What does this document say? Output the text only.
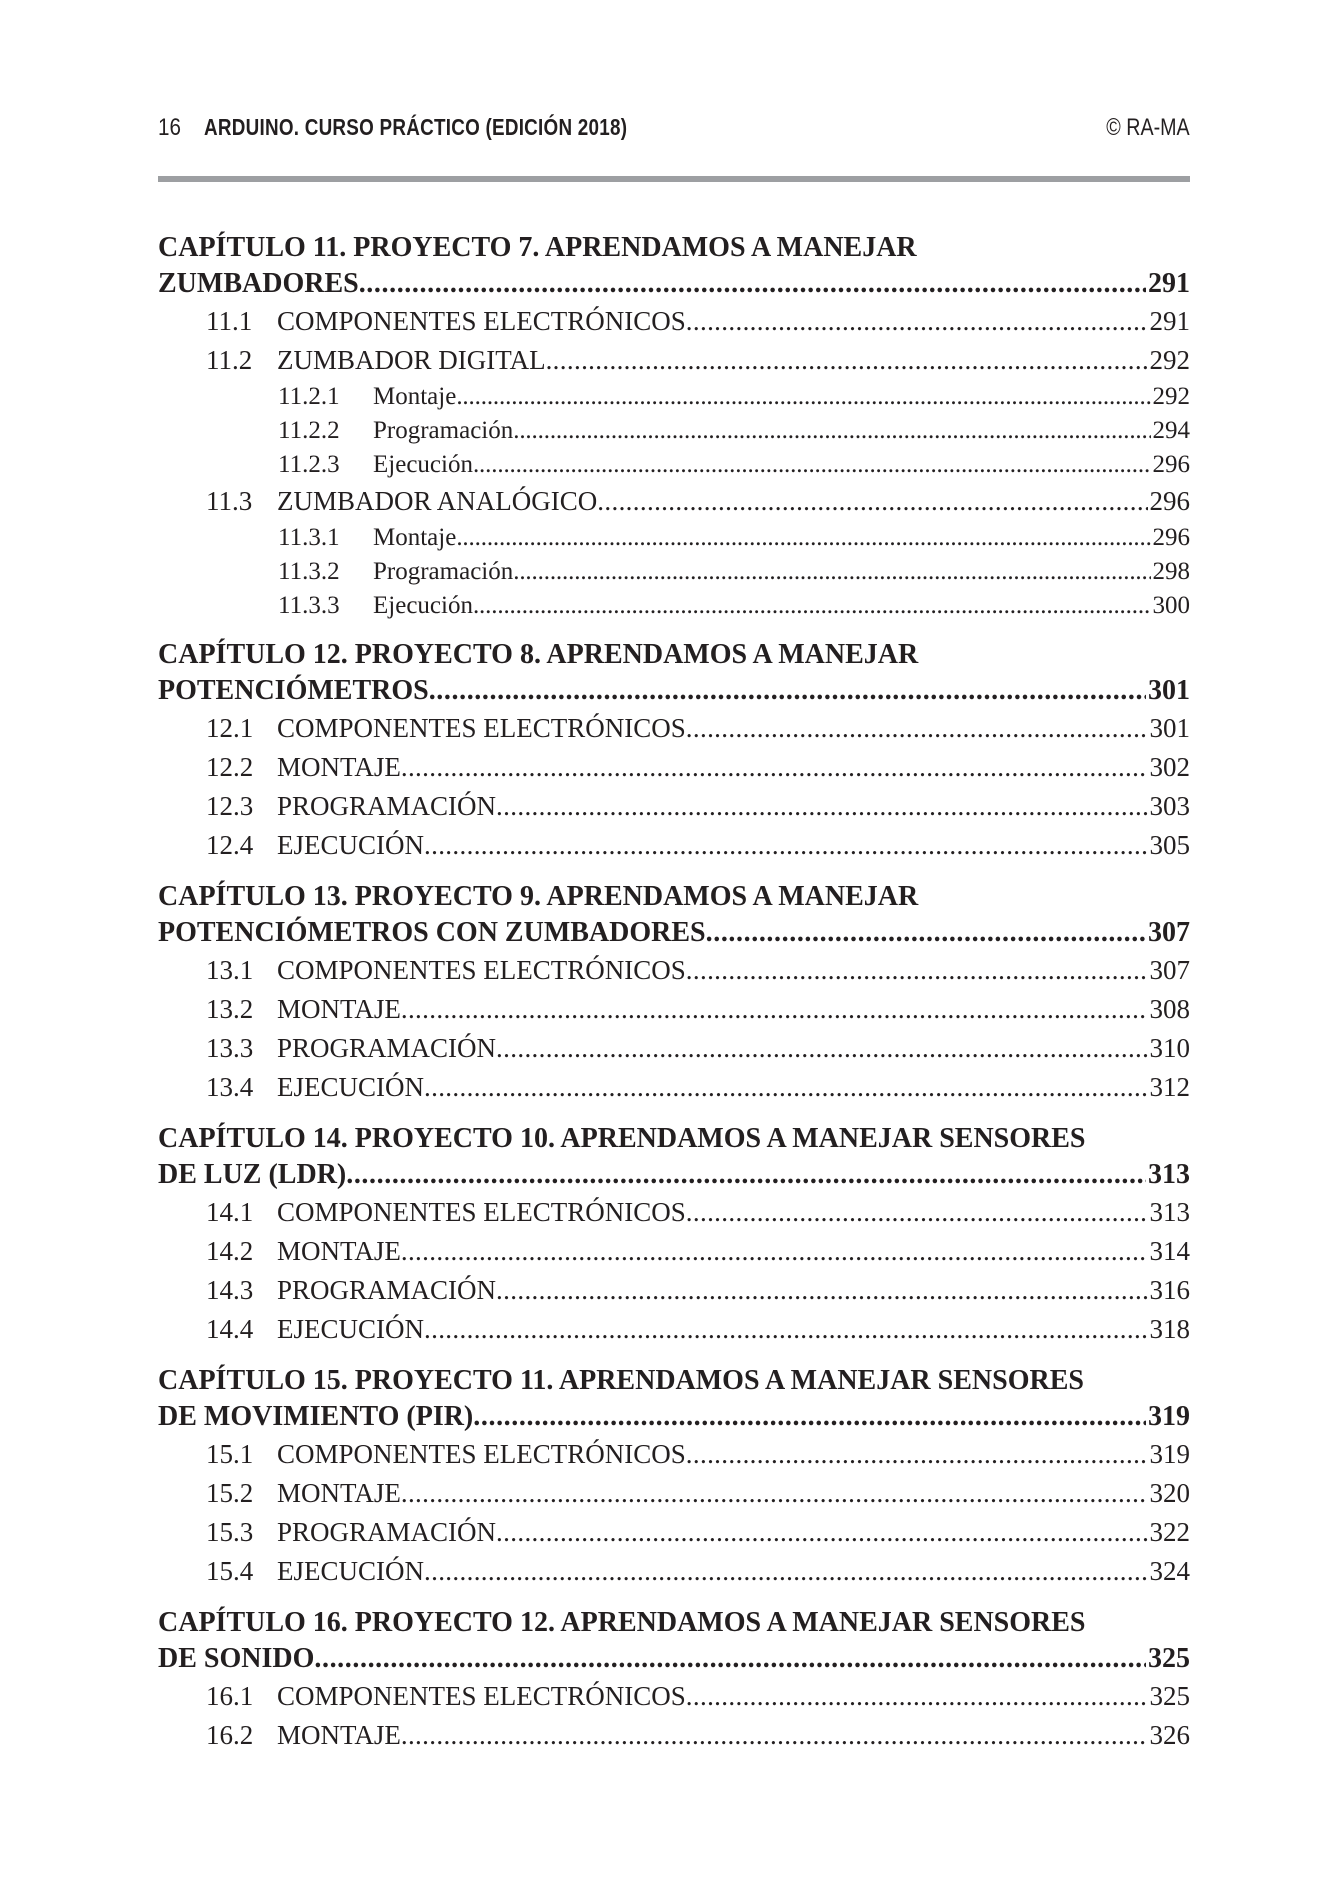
16 ARDUINO. CURSO PRÁCTICO (EDICIÓN 2018)	© RA-MA
CAPÍTULO 11. PROYECTO 7. APRENDAMOS A MANEJAR
ZUMBADORES . . .	291
11.1 COMPONENTES ELECTRÓNICOS . . .	291
11.2 ZUMBADOR DIGITAL . . .	292
11.2.1 Montaje . . .	292
11.2.2 Programación . . .	294
11.2.3 Ejecución . . .	296
11.3 ZUMBADOR ANALÓGICO . . .	296
11.3.1 Montaje . . .	296
11.3.2 Programación . . .	298
11.3.3 Ejecución . . .	300
CAPÍTULO 12. PROYECTO 8. APRENDAMOS A MANEJAR
POTENCIÓMETROS . . .	301
12.1 COMPONENTES ELECTRÓNICOS . . .	301
12.2 MONTAJE . . .	302
12.3 PROGRAMACIÓN . . .	303
12.4 EJECUCIÓN . . .	305
CAPÍTULO 13. PROYECTO 9. APRENDAMOS A MANEJAR
POTENCIÓMETROS CON ZUMBADORES . . .	307
13.1 COMPONENTES ELECTRÓNICOS . . .	307
13.2 MONTAJE . . .	308
13.3 PROGRAMACIÓN . . .	310
13.4 EJECUCIÓN . . .	312
CAPÍTULO 14. PROYECTO 10. APRENDAMOS A MANEJAR SENSORES
DE LUZ (LDR) . . .	313
14.1 COMPONENTES ELECTRÓNICOS . . .	313
14.2 MONTAJE . . .	314
14.3 PROGRAMACIÓN . . .	316
14.4 EJECUCIÓN . . .	318
CAPÍTULO 15. PROYECTO 11. APRENDAMOS A MANEJAR SENSORES
DE MOVIMIENTO (PIR) . . .	319
15.1 COMPONENTES ELECTRÓNICOS . . .	319
15.2 MONTAJE . . .	320
15.3 PROGRAMACIÓN . . .	322
15.4 EJECUCIÓN . . .	324
CAPÍTULO 16. PROYECTO 12. APRENDAMOS A MANEJAR SENSORES
DE SONIDO . . .	325
16.1 COMPONENTES ELECTRÓNICOS . . .	325
16.2 MONTAJE . . .	326
